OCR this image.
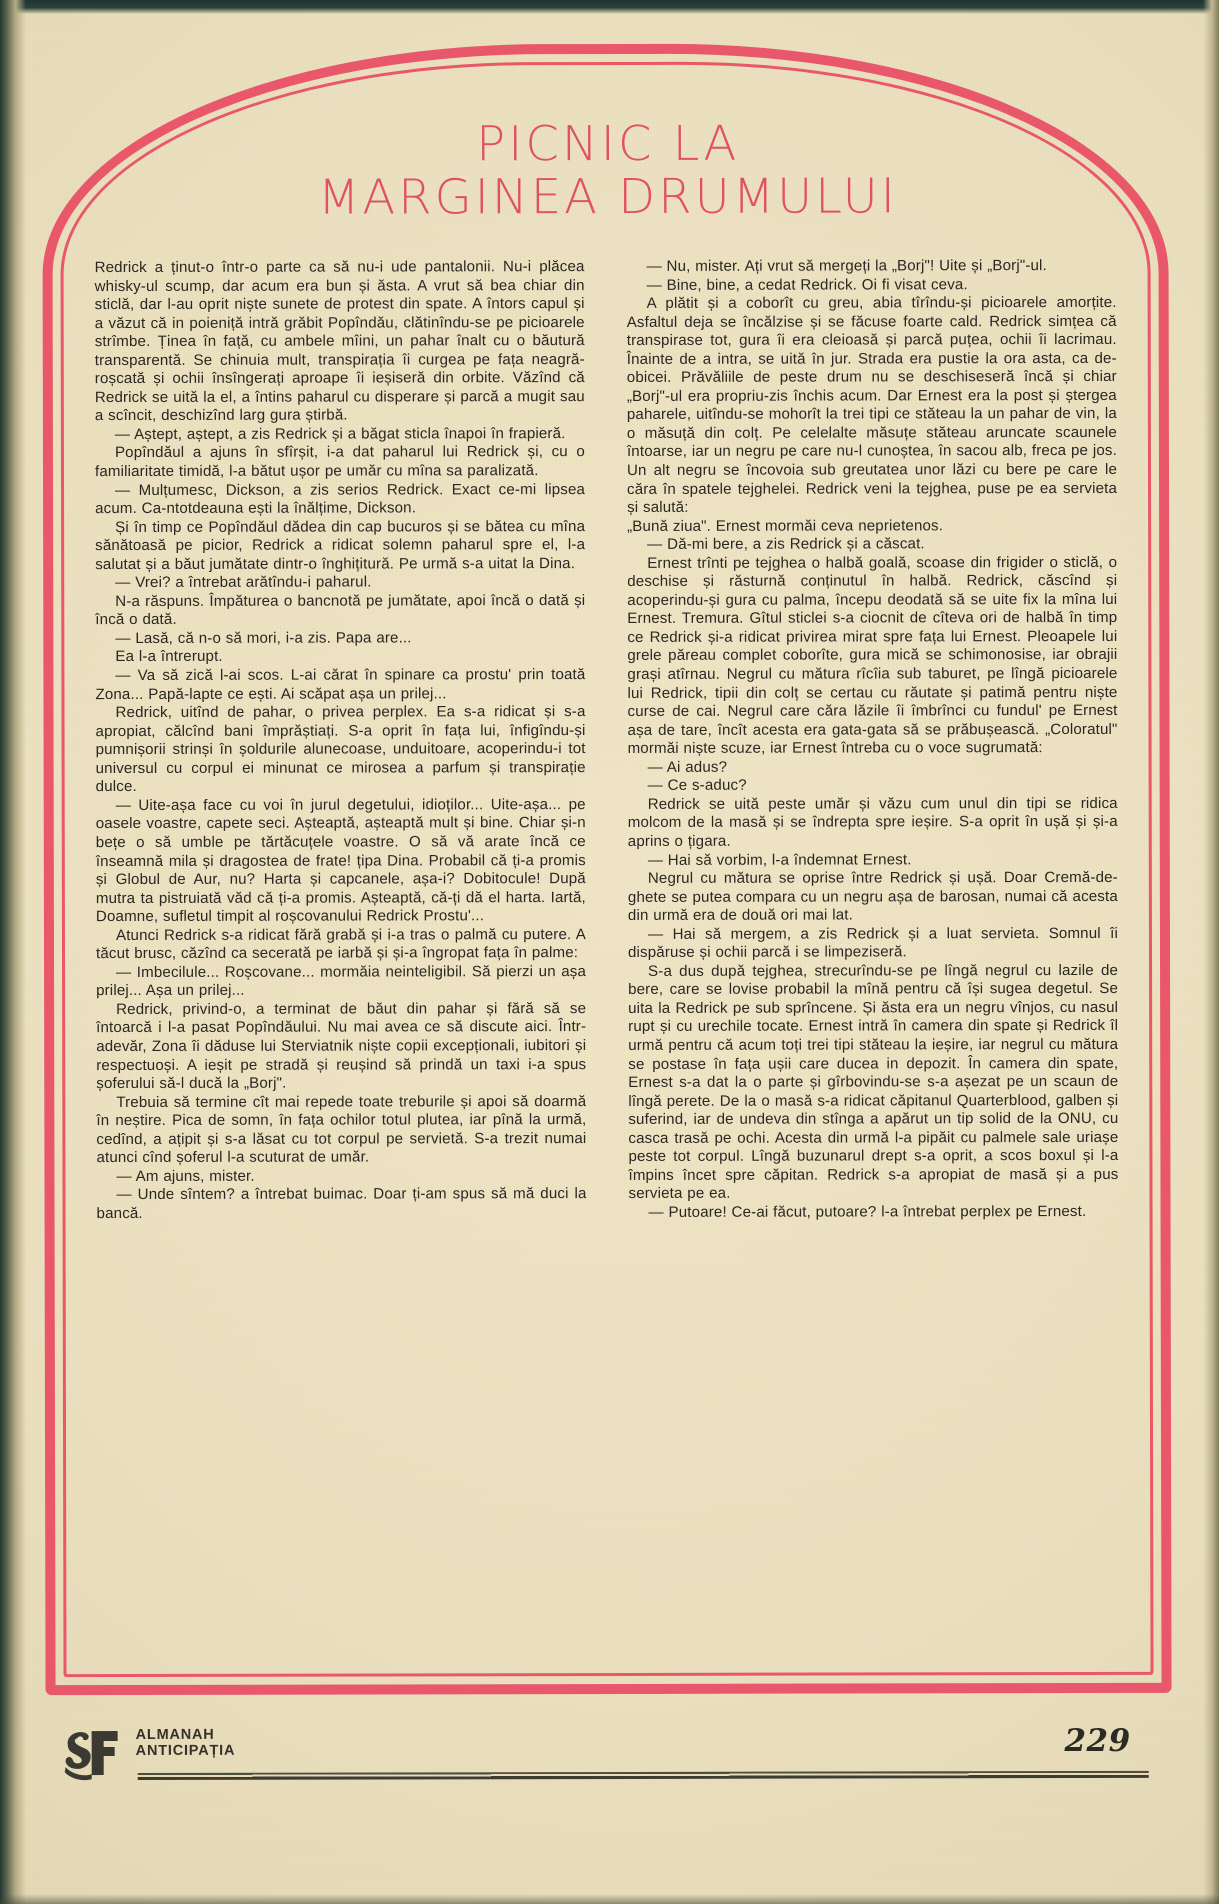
PICNIC LA
MARGINEA DRUMULUI

Redrick a ținut-o într-o parte ca să nu-i ude pantalonii. Nu-i plăcea whisky-ul scump, dar acum era bun și ăsta. A vrut să bea chiar din sticlă, dar l-au oprit niște sunete de protest din spate. A întors capul și a văzut că in poieniță intră grăbit Popîndău, clătinîndu-se pe picioarele strîmbe. Ținea în față, cu ambele mîini, un pahar înalt cu o băutură transparentă. Se chinuia mult, transpirația îi curgea pe fața neagră-roșcată și ochii însîngerați aproape îi ieșiseră din orbite. Văzînd că Redrick se uită la el, a întins paharul cu disperare și parcă a mugit sau a scîncit, deschizînd larg gura știrbă.

— Aștept, aștept, a zis Redrick și a băgat sticla înapoi în frapieră.

Popîndăul a ajuns în sfîrșit, i-a dat paharul lui Redrick și, cu o familiaritate timidă, l-a bătut ușor pe umăr cu mîna sa paralizată.

— Mulțumesc, Dickson, a zis serios Redrick. Exact ce-mi lipsea acum. Ca-ntotdeauna ești la înălțime, Dickson.

Și în timp ce Popîndăul dădea din cap bucuros și se bătea cu mîna sănătoasă pe picior, Redrick a ridicat solemn paharul spre el, l-a salutat și a băut jumătate dintr-o înghițitură. Pe urmă s-a uitat la Dina.

— Vrei? a întrebat arătîndu-i paharul.

N-a răspuns. Împăturea o bancnotă pe jumătate, apoi încă o dată și încă o dată.

— Lasă, că n-o să mori, i-a zis. Papa are...

Ea l-a întrerupt.

— Va să zică l-ai scos. L-ai cărat în spinare ca prostu' prin toată Zona... Papă-lapte ce ești. Ai scăpat așa un prilej...

Redrick, uitînd de pahar, o privea perplex. Ea s-a ridicat și s-a apropiat, călcînd bani împrăștiați. S-a oprit în fața lui, înfigîndu-și pumnișorii strinși în șoldurile alunecoase, unduitoare, acoperindu-i tot universul cu corpul ei minunat ce mirosea a parfum și transpirație dulce.

— Uite-așa face cu voi în jurul degetului, idioților... Uite-așa... pe oasele voastre, capete seci. Așteaptă, așteaptă mult și bine. Chiar și-n bețe o să umble pe tărtăcuțele voastre. O să vă arate încă ce înseamnă mila și dragostea de frate! țipa Dina. Probabil că ți-a promis și Globul de Aur, nu? Harta și capcanele, așa-i? Dobitocule! După mutra ta pistruiată văd că ți-a promis. Așteaptă, că-ți dă el harta. Iartă, Doamne, sufletul timpit al roșcovanului Redrick Prostu'...

Atunci Redrick s-a ridicat fără grabă și i-a tras o palmă cu putere. A tăcut brusc, căzînd ca secerată pe iarbă și și-a îngropat fața în palme:

— Imbecilule... Roșcovane... mormăia neinteligibil. Să pierzi un așa prilej... Așa un prilej...

Redrick, privind-o, a terminat de băut din pahar și fără să se întoarcă i l-a pasat Popîndăului. Nu mai avea ce să discute aici. Într-adevăr, Zona îi dăduse lui Sterviatnik niște copii excepționali, iubitori și respectuoși. A ieșit pe stradă și reușind să prindă un taxi i-a spus șoferului să-l ducă la „Borj".

Trebuia să termine cît mai repede toate treburile și apoi să doarmă în neștire. Pica de somn, în fața ochilor totul plutea, iar pînă la urmă, cedînd, a ațipit și s-a lăsat cu tot corpul pe servietă. S-a trezit numai atunci cînd șoferul l-a scuturat de umăr.

— Am ajuns, mister.

— Unde sîntem? a întrebat buimac. Doar ți-am spus să mă duci la bancă.

— Nu, mister. Ați vrut să mergeți la „Borj"! Uite și „Borj"-ul.

— Bine, bine, a cedat Redrick. Oi fi visat ceva.

A plătit și a coborît cu greu, abia tîrîndu-și picioarele amorțite. Asfaltul deja se încălzise și se făcuse foarte cald. Redrick simțea că transpirase tot, gura îi era cleioasă și parcă puțea, ochii îi lacrimau. Înainte de a intra, se uită în jur. Strada era pustie la ora asta, ca de-obicei. Prăvăliile de peste drum nu se deschiseseră încă și chiar „Borj"-ul era propriu-zis închis acum. Dar Ernest era la post și ștergea paharele, uitîndu-se mohorît la trei tipi ce stăteau la un pahar de vin, la o măsuță din colț. Pe celelalte măsuțe stăteau aruncate scaunele întoarse, iar un negru pe care nu-l cunoștea, în sacou alb, freca pe jos. Un alt negru se încovoia sub greutatea unor lăzi cu bere pe care le căra în spatele tejghelei. Redrick veni la tejghea, puse pe ea servieta și salută:

„Bună ziua". Ernest mormăi ceva neprietenos.

— Dă-mi bere, a zis Redrick și a căscat.

Ernest trînti pe tejghea o halbă goală, scoase din frigider o sticlă, o deschise și răsturnă conținutul în halbă. Redrick, căscînd și acoperindu-și gura cu palma, începu deodată să se uite fix la mîna lui Ernest. Tremura. Gîtul sticlei s-a ciocnit de cîteva ori de halbă în timp ce Redrick și-a ridicat privirea mirat spre fața lui Ernest. Pleoapele lui grele păreau complet coborîte, gura mică se schimonosise, iar obrajii grași atîrnau. Negrul cu mătura rîcîia sub taburet, pe lîngă picioarele lui Redrick, tipii din colț se certau cu răutate și patimă pentru niște curse de cai. Negrul care căra lăzile îi îmbrînci cu fundul' pe Ernest așa de tare, încît acesta era gata-gata să se prăbușească. „Coloratul" mormăi niște scuze, iar Ernest întreba cu o voce sugrumată:

— Ai adus?

— Ce s-aduc?

Redrick se uită peste umăr și văzu cum unul din tipi se ridica molcom de la masă și se îndrepta spre ieșire. S-a oprit în ușă și și-a aprins o țigara.

— Hai să vorbim, l-a îndemnat Ernest.

Negrul cu mătura se oprise între Redrick și ușă. Doar Cremă-de-ghete se putea compara cu un negru așa de barosan, numai că acesta din urmă era de două ori mai lat.

— Hai să mergem, a zis Redrick și a luat servieta. Somnul îi dispăruse și ochii parcă i se limpeziseră.

S-a dus după tejghea, strecurîndu-se pe lîngă negrul cu lazile de bere, care se lovise probabil la mînă pentru că își sugea degetul. Se uita la Redrick pe sub sprîncene. Și ăsta era un negru vînjos, cu nasul rupt și cu urechile tocate. Ernest intră în camera din spate și Redrick îl urmă pentru că acum toți trei tipi stăteau la ieșire, iar negrul cu mătura se postase în fața ușii care ducea in depozit. În camera din spate, Ernest s-a dat la o parte și gîrbovindu-se s-a așezat pe un scaun de lîngă perete. De la o masă s-a ridicat căpitanul Quarterblood, galben și suferind, iar de undeva din stînga a apărut un tip solid de la ONU, cu casca trasă pe ochi. Acesta din urmă l-a pipăit cu palmele sale uriașe peste tot corpul. Lîngă buzunarul drept s-a oprit, a scos boxul și l-a împins încet spre căpitan. Redrick s-a apropiat de masă și a pus servieta pe ea.

— Putoare! Ce-ai făcut, putoare? l-a întrebat perplex pe Ernest.

ALMANAH
ANTICIPAȚIA	229
